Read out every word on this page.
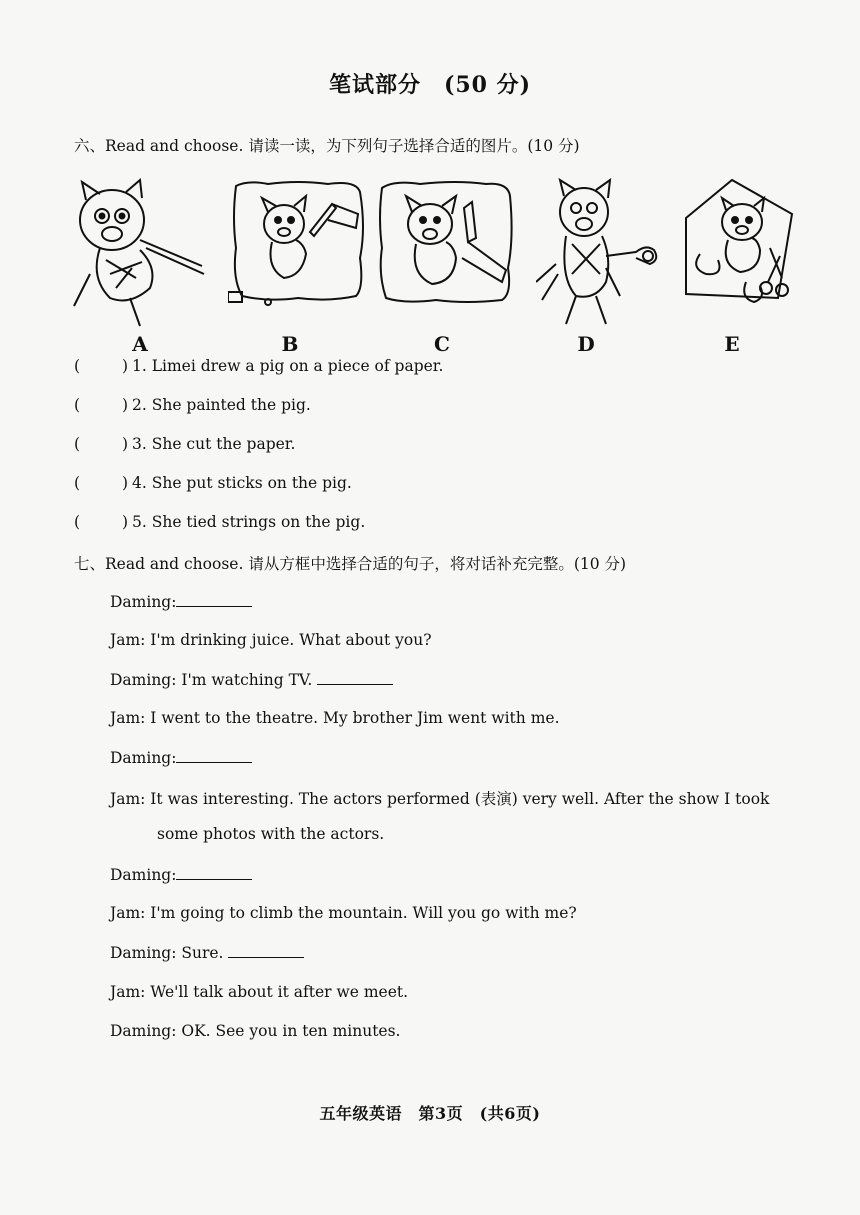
笔试部分　(50 分)
六、Read and choose. 请读一读，为下列句子选择合适的图片。(10 分)
A	B	C	D	E
(	) 1. Limei drew a pig on a piece of paper.
(	) 2. She painted the pig.
(	) 3. She cut the paper.
(	) 4. She put sticks on the pig.
(	) 5. She tied strings on the pig.
七、Read and choose. 请从方框中选择合适的句子，将对话补充完整。(10 分)
Daming:
Jam: I'm drinking juice. What about you?
Daming: I'm watching TV.
Jam: I went to the theatre. My brother Jim went with me.
Daming:
Jam: It was interesting. The actors performed (表演) very well. After the show I took
some photos with the actors.
Daming:
Jam: I'm going to climb the mountain. Will you go with me?
Daming: Sure.
Jam: We'll talk about it after we meet.
Daming: OK. See you in ten minutes.
五年级英语　第3页　(共6页)
